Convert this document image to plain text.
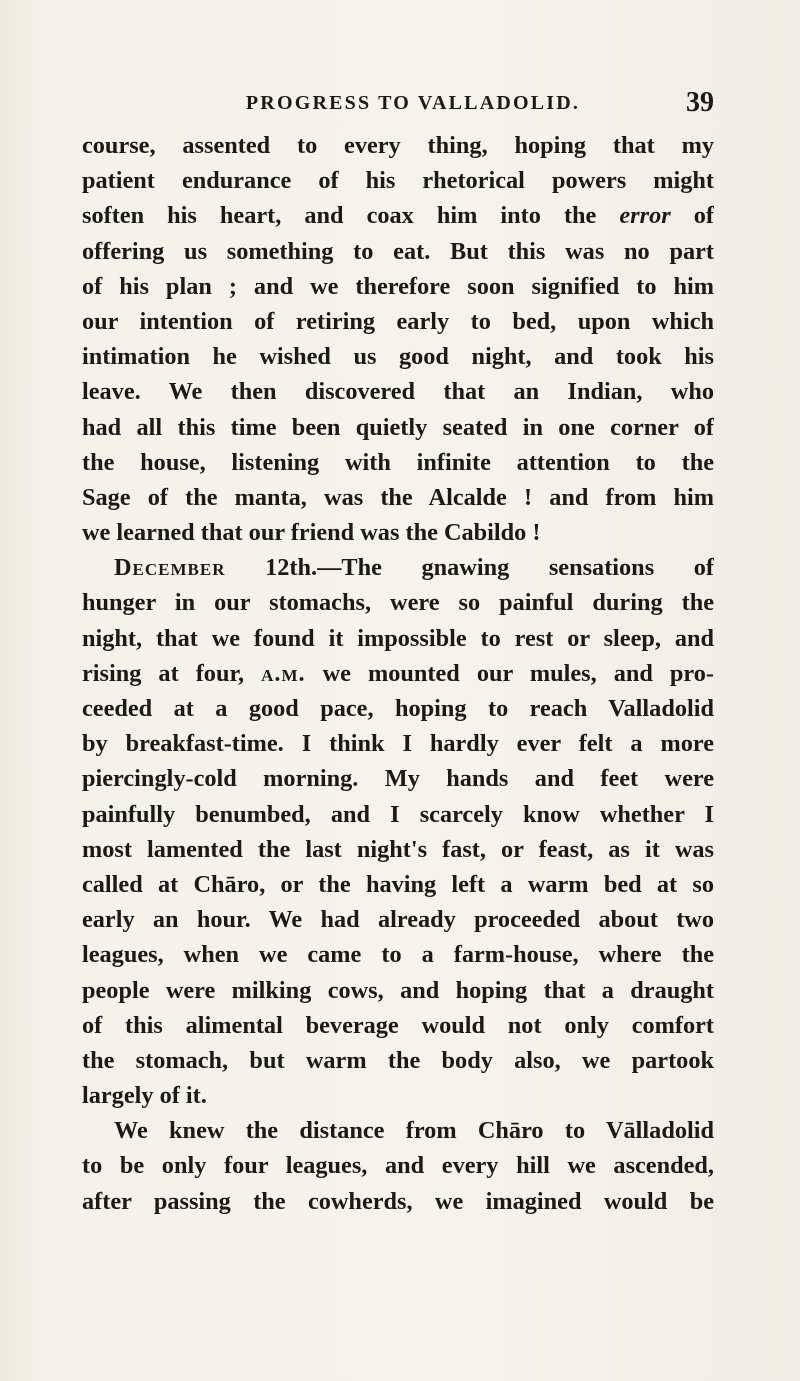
PROGRESS TO VALLADOLID.	39
course, assented to every thing, hoping that my
patient endurance of his rhetorical powers might
soften his heart, and coax him into the error of
offering us something to eat. But this was no part
of his plan ; and we therefore soon signified to him
our intention of retiring early to bed, upon which
intimation he wished us good night, and took his
leave. We then discovered that an Indian, who
had all this time been quietly seated in one corner of
the house, listening with infinite attention to the
Sage of the manta, was the Alcalde ! and from him
we learned that our friend was the Cabildo !
December 12th.—The gnawing sensations of
hunger in our stomachs, were so painful during the
night, that we found it impossible to rest or sleep, and
rising at four, a.m. we mounted our mules, and pro-
ceeded at a good pace, hoping to reach Valladolid
by breakfast-time. I think I hardly ever felt a more
piercingly-cold morning. My hands and feet were
painfully benumbed, and I scarcely know whether I
most lamented the last night's fast, or feast, as it was
called at Chāro, or the having left a warm bed at so
early an hour. We had already proceeded about two
leagues, when we came to a farm-house, where the
people were milking cows, and hoping that a draught
of this alimental beverage would not only comfort
the stomach, but warm the body also, we partook
largely of it.
We knew the distance from Chāro to Vālladolid
to be only four leagues, and every hill we ascended,
after passing the cowherds, we imagined would be
